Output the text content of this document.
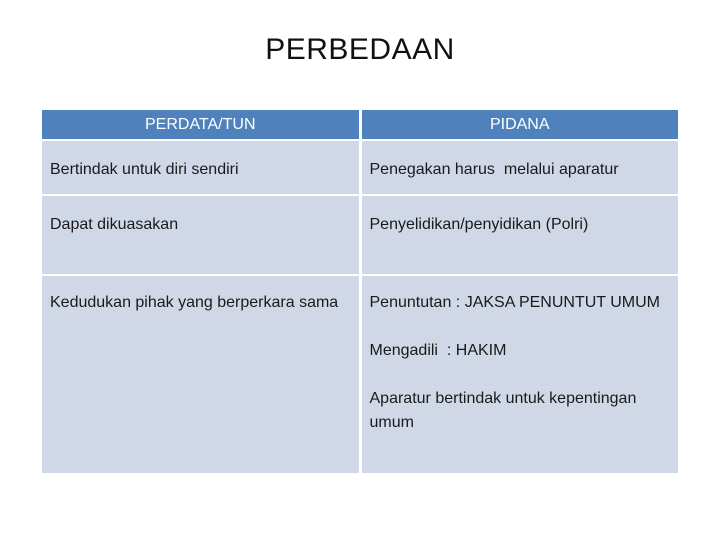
PERBEDAAN
PERDATA/TUN	PIDANA

Bertindak untuk diri sendiri	Penegakan harus  melalui aparatur

Dapat dikuasakan	Penyelidikan/penyidikan (Polri)

Kedudukan pihak yang berperkara sama	Penuntutan : JAKSA PENUNTUT UMUM
Mengadili  : HAKIM
Aparatur bertindak untuk kepentingan umum
